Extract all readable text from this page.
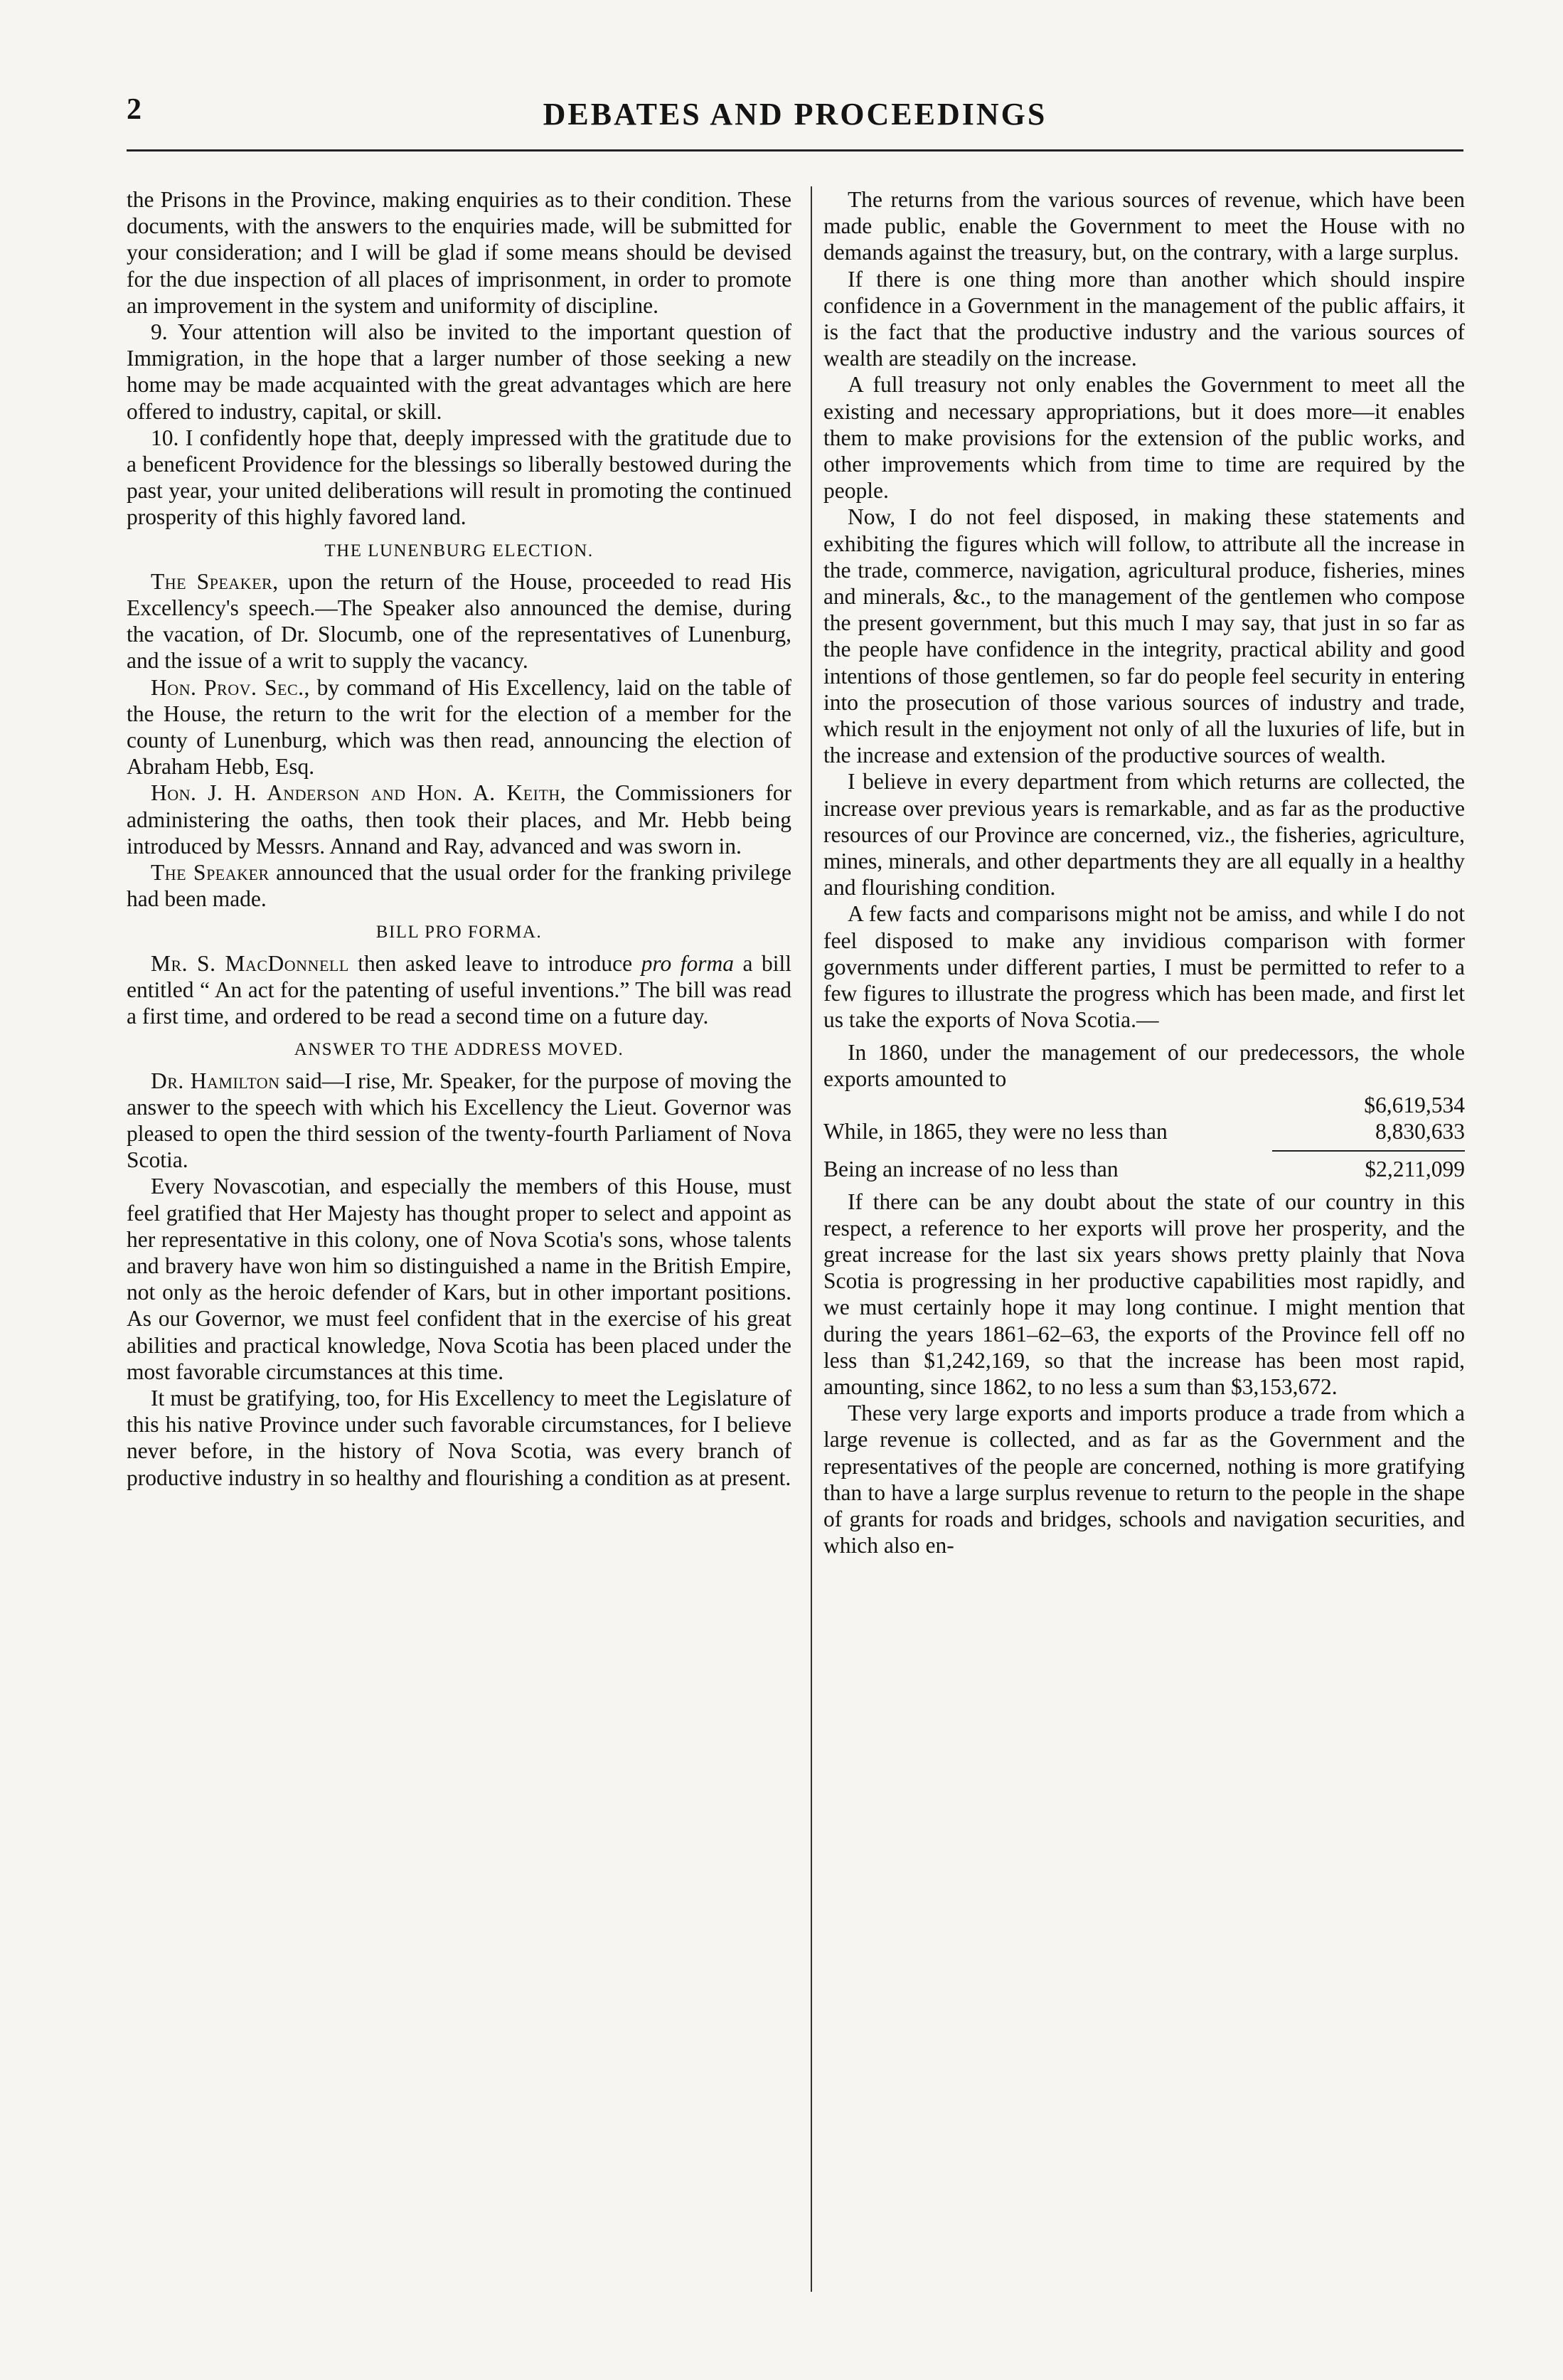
2	DEBATES AND PROCEEDINGS

the Prisons in the Province, making enquiries as to their condition. These documents, with the answers to the enquiries made, will be submitted for your consideration; and I will be glad if some means should be devised for the due inspection of all places of imprisonment, in order to promote an improvement in the system and uniformity of discipline.

9. Your attention will also be invited to the important question of Immigration, in the hope that a larger number of those seeking a new home may be made acquainted with the great advantages which are here offered to industry, capital, or skill.

10. I confidently hope that, deeply impressed with the gratitude due to a beneficent Providence for the blessings so liberally bestowed during the past year, your united deliberations will result in promoting the continued prosperity of this highly favored land.

THE LUNENBURG ELECTION.

The Speaker, upon the return of the House, proceeded to read His Excellency's speech.—The Speaker also announced the demise, during the vacation, of Dr. Slocumb, one of the representatives of Lunenburg, and the issue of a writ to supply the vacancy.

Hon. Prov. Sec., by command of His Excellency, laid on the table of the House, the return to the writ for the election of a member for the county of Lunenburg, which was then read, announcing the election of Abraham Hebb, Esq.

Hon. J. H. Anderson and Hon. A. Keith, the Commissioners for administering the oaths, then took their places, and Mr. Hebb being introduced by Messrs. Annand and Ray, advanced and was sworn in.

The Speaker announced that the usual order for the franking privilege had been made.

BILL PRO FORMA.

Mr. S. MacDonnell then asked leave to introduce pro forma a bill entitled “ An act for the patenting of useful inventions.” The bill was read a first time, and ordered to be read a second time on a future day.

ANSWER TO THE ADDRESS MOVED.

Dr. Hamilton said—I rise, Mr. Speaker, for the purpose of moving the answer to the speech with which his Excellency the Lieut. Governor was pleased to open the third session of the twenty-fourth Parliament of Nova Scotia.

Every Novascotian, and especially the members of this House, must feel gratified that Her Majesty has thought proper to select and appoint as her representative in this colony, one of Nova Scotia's sons, whose talents and bravery have won him so distinguished a name in the British Empire, not only as the heroic defender of Kars, but in other important positions. As our Governor, we must feel confident that in the exercise of his great abilities and practical knowledge, Nova Scotia has been placed under the most favorable circumstances at this time.

It must be gratifying, too, for His Excellency to meet the Legislature of this his native Province under such favorable circumstances, for I believe never before, in the history of Nova Scotia, was every branch of productive industry in so healthy and flourishing a condition as at present.

The returns from the various sources of revenue, which have been made public, enable the Government to meet the House with no demands against the treasury, but, on the contrary, with a large surplus.

If there is one thing more than another which should inspire confidence in a Government in the management of the public affairs, it is the fact that the productive industry and the various sources of wealth are steadily on the increase.

A full treasury not only enables the Government to meet all the existing and necessary appropriations, but it does more—it enables them to make provisions for the extension of the public works, and other improvements which from time to time are required by the people.

Now, I do not feel disposed, in making these statements and exhibiting the figures which will follow, to attribute all the increase in the trade, commerce, navigation, agricultural produce, fisheries, mines and minerals, &c., to the management of the gentlemen who compose the present government, but this much I may say, that just in so far as the people have confidence in the integrity, practical ability and good intentions of those gentlemen, so far do people feel security in entering into the prosecution of those various sources of industry and trade, which result in the enjoyment not only of all the luxuries of life, but in the increase and extension of the productive sources of wealth.

I believe in every department from which returns are collected, the increase over previous years is remarkable, and as far as the productive resources of our Province are concerned, viz., the fisheries, agriculture, mines, minerals, and other departments they are all equally in a healthy and flourishing condition.

A few facts and comparisons might not be amiss, and while I do not feel disposed to make any invidious comparison with former governments under different parties, I must be permitted to refer to a few figures to illustrate the progress which has been made, and first let us take the exports of Nova Scotia.—

In 1860, under the management of our predecessors, the whole exports amounted to

$6,619,534
While, in 1865, they were no less than	8,830,633
Being an increase of no less than	$2,211,099

If there can be any doubt about the state of our country in this respect, a reference to her exports will prove her prosperity, and the great increase for the last six years shows pretty plainly that Nova Scotia is progressing in her productive capabilities most rapidly, and we must certainly hope it may long continue. I might mention that during the years 1861–62–63, the exports of the Province fell off no less than $1,242,169, so that the increase has been most rapid, amounting, since 1862, to no less a sum than $3,153,672.

These very large exports and imports produce a trade from which a large revenue is collected, and as far as the Government and the representatives of the people are concerned, nothing is more gratifying than to have a large surplus revenue to return to the people in the shape of grants for roads and bridges, schools and navigation securities, and which also en-
